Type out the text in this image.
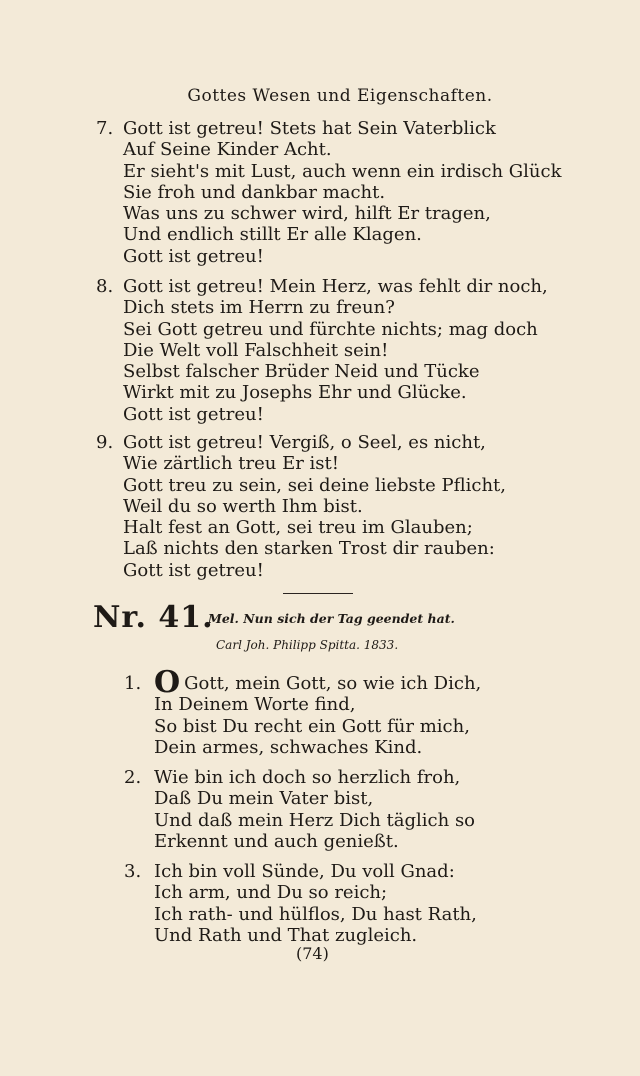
Gottes Wesen und Eigenschaften.
7. Gott ist getreu! Stets hat Sein Vaterblick
Auf Seine Kinder Acht.
Er sieht's mit Lust, auch wenn ein irdisch Glück
Sie froh und dankbar macht.
Was uns zu schwer wird, hilft Er tragen,
Und endlich stillt Er alle Klagen.
Gott ist getreu!
8. Gott ist getreu! Mein Herz, was fehlt dir noch,
Dich stets im Herrn zu freun?
Sei Gott getreu und fürchte nichts; mag doch
Die Welt voll Falschheit sein!
Selbst falscher Brüder Neid und Tücke
Wirkt mit zu Josephs Ehr und Glücke.
Gott ist getreu!
9. Gott ist getreu! Vergiß, o Seel, es nicht,
Wie zärtlich treu Er ist!
Gott treu zu sein, sei deine liebste Pflicht,
Weil du so werth Ihm bist.
Halt fest an Gott, sei treu im Glauben;
Laß nichts den starken Trost dir rauben:
Gott ist getreu!
Nr. 41.
Mel. Nun sich der Tag geendet hat.
Carl Joh. Philipp Spitta. 1833.
1. O Gott, mein Gott, so wie ich Dich,
In Deinem Worte find,
So bist Du recht ein Gott für mich,
Dein armes, schwaches Kind.
2. Wie bin ich doch so herzlich froh,
Daß Du mein Vater bist,
Und daß mein Herz Dich täglich so
Erkennt und auch genießt.
3. Ich bin voll Sünde, Du voll Gnad:
Ich arm, und Du so reich;
Ich rath- und hülflos, Du hast Rath,
Und Rath und That zugleich.
(74)
